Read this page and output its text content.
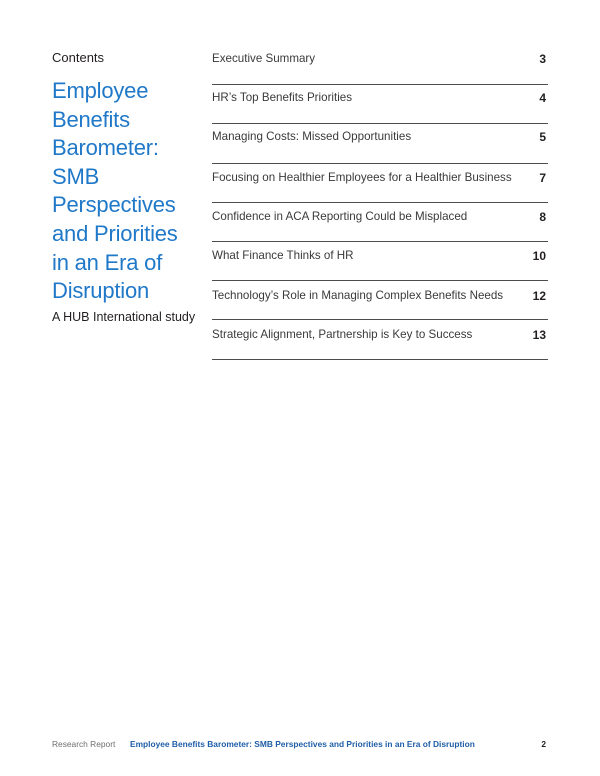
Contents
Employee
Benefits
Barometer:
SMB
Perspectives
and Priorities
in an Era of
Disruption

A HUB International study

Executive Summary	3
HR’s Top Benefits Priorities	4
Managing Costs: Missed Opportunities	5
Focusing on Healthier Employees for a Healthier Business 7
Confidence in ACA Reporting Could be Misplaced	8
What Finance Thinks of HR	10
Technology’s Role in Managing Complex Benefits Needs 12
Strategic Alignment, Partnership is Key to Success	13
Research Report Employee Benefits Barometer: SMB Perspectives and Priorities in an Era of Disruption	2
